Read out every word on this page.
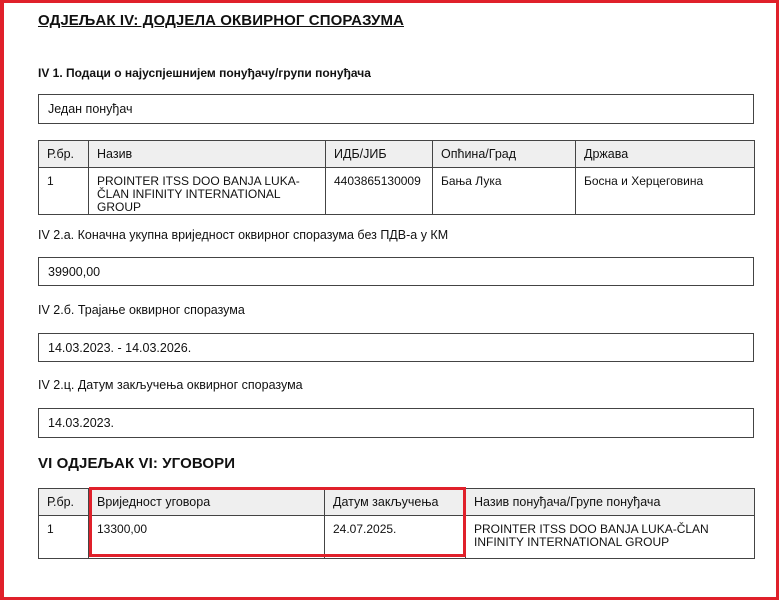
ОДЈЕЉАК IV: ДОДЈЕЛА ОКВИРНОГ СПОРАЗУМА
IV 1. Подаци о најуспјешнијем понуђачу/групи понуђача
Један понуђач
Р.бр.	Назив	ИДБ/ЈИБ	Опћина/Град	Држава
1	PROINTER ITSS DOO BANJA LUKA-ČLAN INFINITY INTERNATIONAL GROUP	4403865130009	Бања Лука	Босна и Херцеговина
IV 2.а. Коначна укупна вриједност оквирног споразума без ПДВ-а у КМ
39900,00
IV 2.б. Трајање оквирног споразума
14.03.2023. - 14.03.2026.
IV 2.ц. Датум закључења оквирног споразума
14.03.2023.
VI ОДЈЕЉАК VI: УГОВОРИ
Р.бр.	Вриједност уговора	Датум закључења	Назив понуђача/Групе понуђача
1	13300,00	24.07.2025.	PROINTER ITSS DOO BANJA LUKA-ČLAN INFINITY INTERNATIONAL GROUP
